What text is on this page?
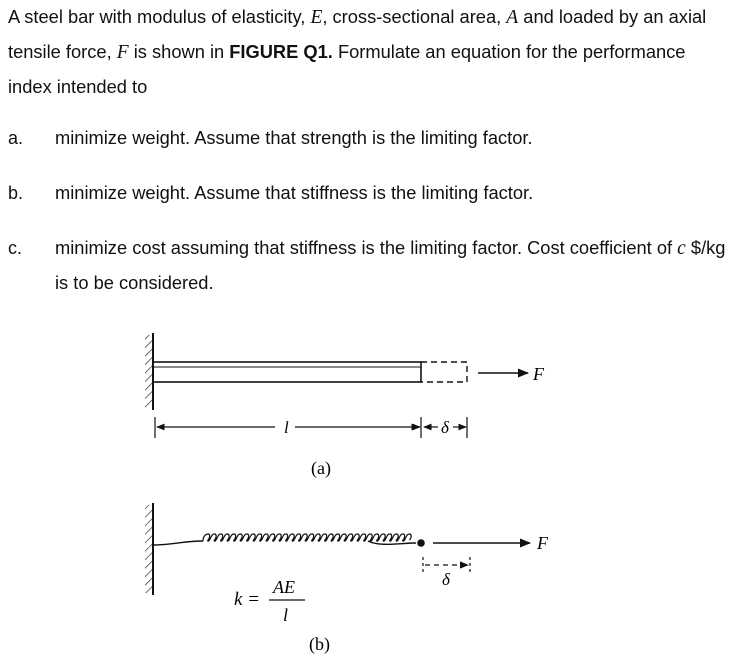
A steel bar with modulus of elasticity, E, cross-sectional area, A and loaded by an axial tensile force, F is shown in FIGURE Q1. Formulate an equation for the performance index intended to
a. minimize weight. Assume that strength is the limiting factor.
b. minimize weight. Assume that stiffness is the limiting factor.
c. minimize cost assuming that stiffness is the limiting factor. Cost coefficient of c $/kg is to be considered.
F
l	δ
(a)
F
δ
k =
AE
l
(b)
